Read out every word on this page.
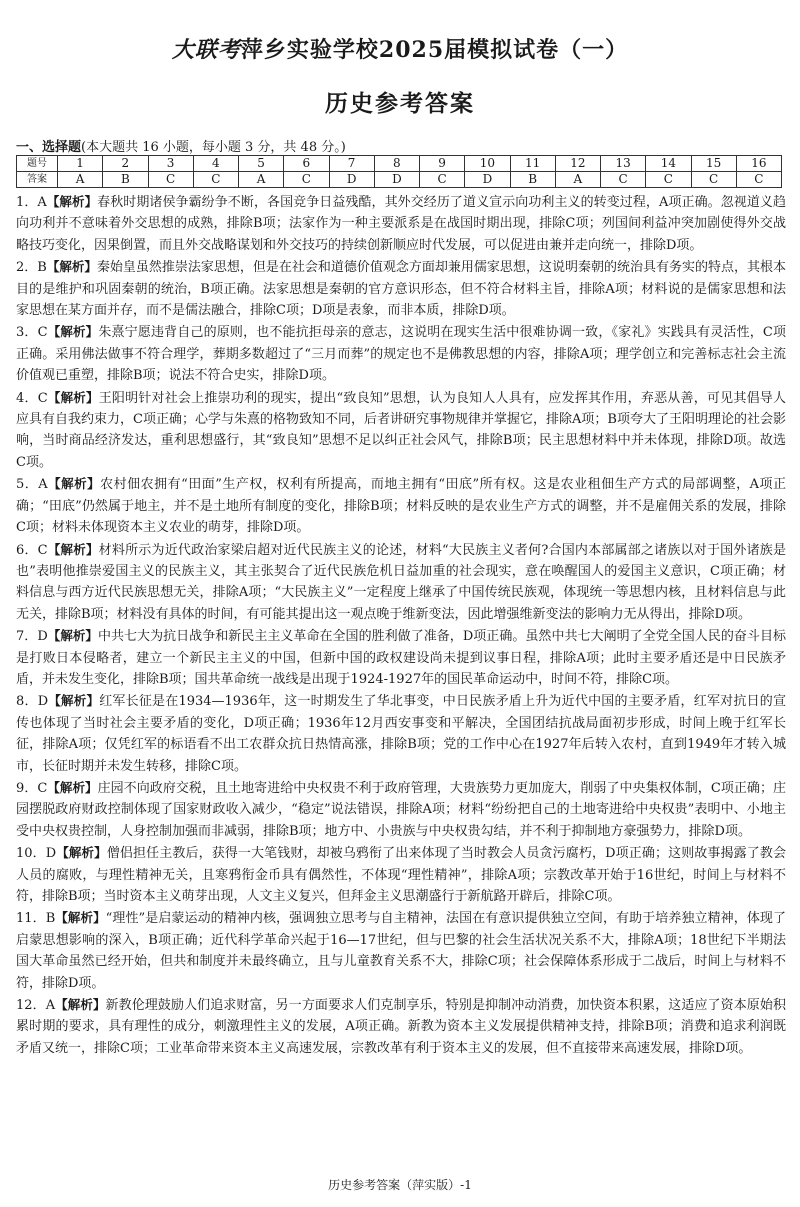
大联考萍乡实验学校2025届模拟试卷（一）
历史参考答案
一、选择题(本大题共 16 小题，每小题 3 分，共 48 分。)
题号	1	2	3	4	5	6	7	8	9	10	11	12	13	14	15	16
答案	A	B	C	C	A	C	D	D	C	D	B	A	C	C	C	C

1．A【解析】春秋时期诸侯争霸纷争不断，各国竞争日益残酷，其外交经历了道义宣示向功利主义的转变过程，A项正确。忽视道义趋向功利并不意味着外交思想的成熟，排除B项；法家作为一种主要派系是在战国时期出现，排除C项；列国间利益冲突加剧使得外交战略技巧变化，因果倒置，而且外交战略谋划和外交技巧的持续创新顺应时代发展，可以促进由兼并走向统一，排除D项。

2．B【解析】秦始皇虽然推崇法家思想，但是在社会和道德价值观念方面却兼用儒家思想，这说明秦朝的统治具有务实的特点，其根本目的是维护和巩固秦朝的统治，B项正确。法家思想是秦朝的官方意识形态，但不符合材料主旨，排除A项；材料说的是儒家思想和法家思想在某方面并存，而不是儒法融合，排除C项；D项是表象，而非本质，排除D项。

3．C【解析】朱熹宁愿违背自己的原则，也不能抗拒母亲的意志，这说明在现实生活中很难协调一致，《家礼》实践具有灵活性，C项正确。采用佛法做事不符合理学，葬期多数超过了“三月而葬”的规定也不是佛教思想的内容，排除A项；理学创立和完善标志社会主流价值观已重塑，排除B项；说法不符合史实，排除D项。

4．C【解析】王阳明针对社会上推崇功利的现实，提出“致良知”思想，认为良知人人具有，应发挥其作用，弃恶从善，可见其倡导人应具有自我约束力，C项正确；心学与朱熹的格物致知不同，后者讲研究事物规律并掌握它，排除A项；B项夸大了王阳明理论的社会影响，当时商品经济发达，重利思想盛行，其“致良知”思想不足以纠正社会风气，排除B项；民主思想材料中并未体现，排除D项。故选C项。

5．A【解析】农村佃农拥有“田面”生产权，权利有所提高，而地主拥有“田底”所有权。这是农业租佃生产方式的局部调整，A项正确；“田底”仍然属于地主，并不是土地所有制度的变化，排除B项；材料反映的是农业生产方式的调整，并不是雇佣关系的发展，排除C项；材料未体现资本主义农业的萌芽，排除D项。

6．C【解析】材料所示为近代政治家梁启超对近代民族主义的论述，材料“大民族主义者何?合国内本部属部之诸族以对于国外诸族是也”表明他推崇爱国主义的民族主义，其主张契合了近代民族危机日益加重的社会现实，意在唤醒国人的爱国主义意识，C项正确；材料信息与西方近代民族思想无关，排除A项；“大民族主义”一定程度上继承了中国传统民族观，体现统一等思想内核，且材料信息与此无关，排除B项；材料没有具体的时间，有可能其提出这一观点晚于维新变法，因此增强维新变法的影响力无从得出，排除D项。

7．D【解析】中共七大为抗日战争和新民主主义革命在全国的胜利做了准备，D项正确。虽然中共七大阐明了全党全国人民的奋斗目标是打败日本侵略者，建立一个新民主主义的中国，但新中国的政权建设尚未提到议事日程，排除A项；此时主要矛盾还是中日民族矛盾，并未发生变化，排除B项；国共革命统一战线是出现于1924-1927年的国民革命运动中，时间不符，排除C项。

8．D【解析】红军长征是在1934—1936年，这一时期发生了华北事变，中日民族矛盾上升为近代中国的主要矛盾，红军对抗日的宣传也体现了当时社会主要矛盾的变化，D项正确；1936年12月西安事变和平解决，全国团结抗战局面初步形成，时间上晚于红军长征，排除A项；仅凭红军的标语看不出工农群众抗日热情高涨，排除B项；党的工作中心在1927年后转入农村，直到1949年才转入城市，长征时期并未发生转移，排除C项。

9．C【解析】庄园不向政府交税，且土地寄进给中央权贵不利于政府管理，大贵族势力更加庞大，削弱了中央集权体制，C项正确；庄园摆脱政府财政控制体现了国家财政收入减少，“稳定”说法错误，排除A项；材料“纷纷把自己的土地寄进给中央权贵”表明中、小地主受中央权贵控制，人身控制加强而非减弱，排除B项；地方中、小贵族与中央权贵勾结，并不利于抑制地方豪强势力，排除D项。

10．D【解析】僧侣担任主教后，获得一大笔钱财，却被乌鸦衔了出来体现了当时教会人员贪污腐朽，D项正确；这则故事揭露了教会人员的腐败，与理性精神无关，且寒鸦衔金币具有偶然性，不体现“理性精神”，排除A项；宗教改革开始于16世纪，时间上与材料不符，排除B项；当时资本主义萌芽出现，人文主义复兴，但拜金主义思潮盛行于新航路开辟后，排除C项。

11．B【解析】“理性”是启蒙运动的精神内核，强调独立思考与自主精神，法国在有意识提供独立空间，有助于培养独立精神，体现了启蒙思想影响的深入，B项正确；近代科学革命兴起于16—17世纪，但与巴黎的社会生活状况关系不大，排除A项；18世纪下半期法国大革命虽然已经开始，但共和制度并未最终确立，且与儿童教育关系不大，排除C项；社会保障体系形成于二战后，时间上与材料不符，排除D项。

12．A【解析】新教伦理鼓励人们追求财富，另一方面要求人们克制享乐，特别是抑制冲动消费，加快资本积累，这适应了资本原始积累时期的要求，具有理性的成分，刺激理性主义的发展，A项正确。新教为资本主义发展提供精神支持，排除B项；消费和追求利润既矛盾又统一，排除C项；工业革命带来资本主义高速发展，宗教改革有利于资本主义的发展，但不直接带来高速发展，排除D项。

历史参考答案（萍实版）-1
